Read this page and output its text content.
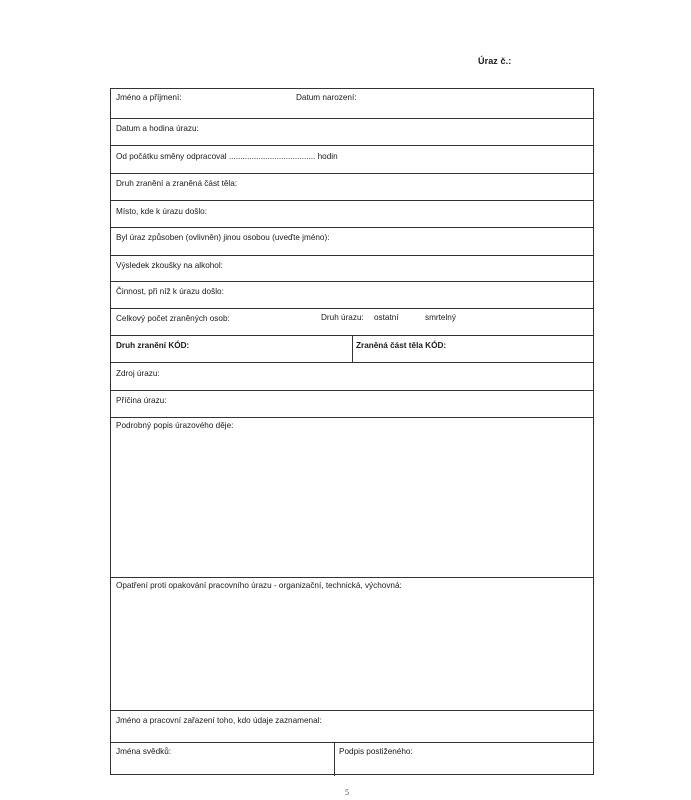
Úraz č.:
Jméno a příjmení:	Datum narození:
Datum a hodina úrazu:
Od počátku směny odpracoval ...................................... hodin
Druh zranění a zraněná část těla:
Místo, kde k úrazu došlo:
Byl úraz způsoben (ovlivněn) jinou osobou (uveďte jméno):
Výsledek zkoušky na alkohol:
Činnost, při níž k úrazu došlo:
Celkový počet zraněných osob:	Druh úrazu: ostatní	smrtelný
Druh zranění KÓD:	Zraněná část těla KÓD:
Zdroj úrazu:
Příčina úrazu:
Podrobný popis úrazového děje:
Opatření proti opakování pracovního úrazu - organizační, technická, výchovná:
Jméno a pracovní zařazení toho, kdo údaje zaznamenal:
Jména svědků:	Podpis postiženého:
5
